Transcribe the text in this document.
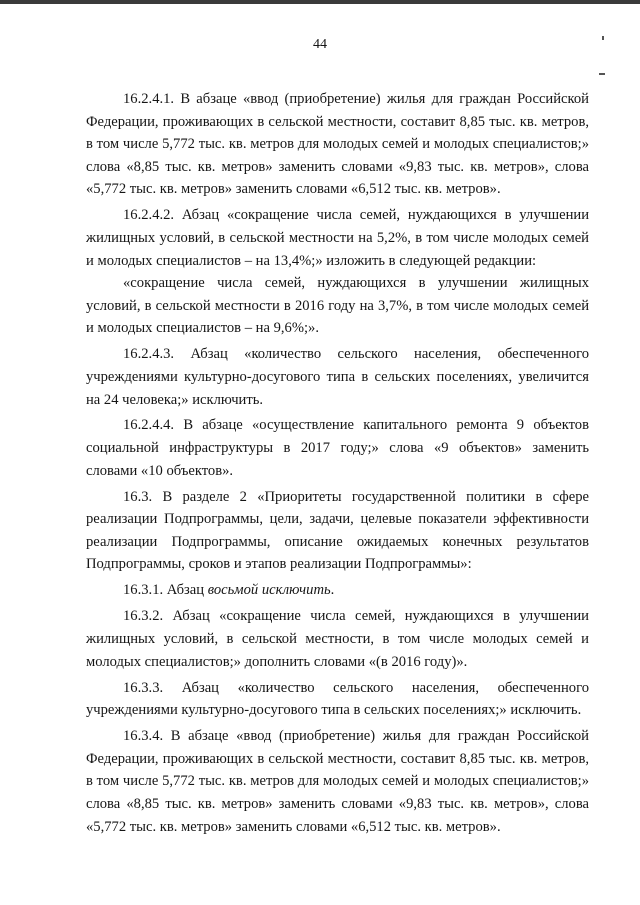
44

16.2.4.1. В абзаце «ввод (приобретение) жилья для граждан Российской Федерации, проживающих в сельской местности, составит 8,85 тыс. кв. метров, в том числе 5,772 тыс. кв. метров для молодых семей и молодых специалистов;» слова «8,85 тыс. кв. метров» заменить словами «9,83 тыс. кв. метров», слова «5,772 тыс. кв. метров» заменить словами «6,512 тыс. кв. метров».

16.2.4.2. Абзац «сокращение числа семей, нуждающихся в улучшении жилищных условий, в сельской местности на 5,2%, в том числе молодых семей и молодых специалистов – на 13,4%;» изложить в следующей редакции:

«сокращение числа семей, нуждающихся в улучшении жилищных условий, в сельской местности в 2016 году на 3,7%, в том числе молодых семей и молодых специалистов – на 9,6%;».

16.2.4.3. Абзац «количество сельского населения, обеспеченного учреждениями культурно-досугового типа в сельских поселениях, увеличится на 24 человека;» исключить.

16.2.4.4. В абзаце «осуществление капитального ремонта 9 объектов социальной инфраструктуры в 2017 году;» слова «9 объектов» заменить словами «10 объектов».

16.3. В разделе 2 «Приоритеты государственной политики в сфере реализации Подпрограммы, цели, задачи, целевые показатели эффективности реализации Подпрограммы, описание ожидаемых конечных результатов Подпрограммы, сроков и этапов реализации Подпрограммы»:

16.3.1. Абзац восьмой исключить.

16.3.2. Абзац «сокращение числа семей, нуждающихся в улучшении жилищных условий, в сельской местности, в том числе молодых семей и молодых специалистов;» дополнить словами «(в 2016 году)».

16.3.3. Абзац «количество сельского населения, обеспеченного учреждениями культурно-досугового типа в сельских поселениях;» исключить.

16.3.4. В абзаце «ввод (приобретение) жилья для граждан Российской Федерации, проживающих в сельской местности, составит 8,85 тыс. кв. метров, в том числе 5,772 тыс. кв. метров для молодых семей и молодых специалистов;» слова «8,85 тыс. кв. метров» заменить словами «9,83 тыс. кв. метров», слова «5,772 тыс. кв. метров» заменить словами «6,512 тыс. кв. метров».
